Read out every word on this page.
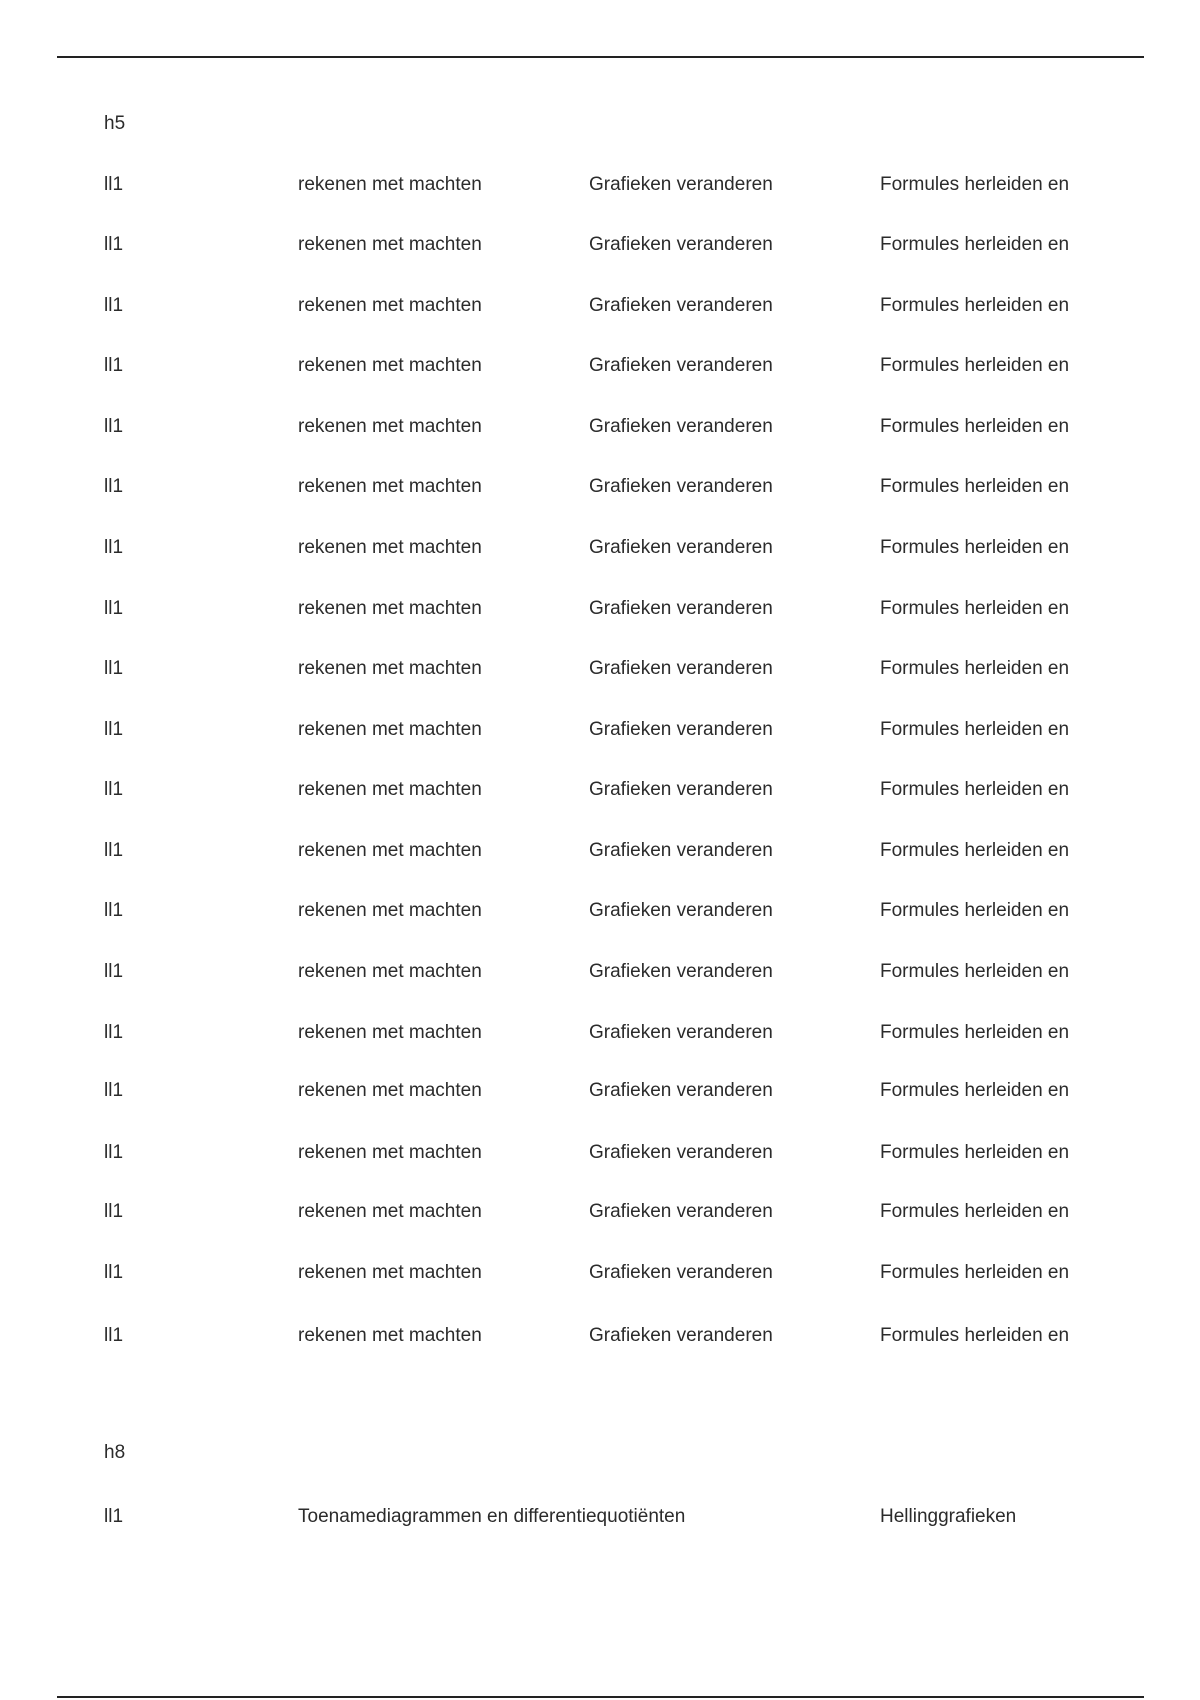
h5
ll1	rekenen met machten	Grafieken veranderen	Formules herleiden en
ll1	rekenen met machten	Grafieken veranderen	Formules herleiden en
ll1	rekenen met machten	Grafieken veranderen	Formules herleiden en
ll1	rekenen met machten	Grafieken veranderen	Formules herleiden en
ll1	rekenen met machten	Grafieken veranderen	Formules herleiden en
ll1	rekenen met machten	Grafieken veranderen	Formules herleiden en
ll1	rekenen met machten	Grafieken veranderen	Formules herleiden en
ll1	rekenen met machten	Grafieken veranderen	Formules herleiden en
ll1	rekenen met machten	Grafieken veranderen	Formules herleiden en
ll1	rekenen met machten	Grafieken veranderen	Formules herleiden en
ll1	rekenen met machten	Grafieken veranderen	Formules herleiden en
ll1	rekenen met machten	Grafieken veranderen	Formules herleiden en
ll1	rekenen met machten	Grafieken veranderen	Formules herleiden en
ll1	rekenen met machten	Grafieken veranderen	Formules herleiden en
ll1	rekenen met machten	Grafieken veranderen	Formules herleiden en
ll1	rekenen met machten	Grafieken veranderen	Formules herleiden en
ll1	rekenen met machten	Grafieken veranderen	Formules herleiden en
ll1	rekenen met machten	Grafieken veranderen	Formules herleiden en
ll1	rekenen met machten	Grafieken veranderen	Formules herleiden en
ll1	rekenen met machten	Grafieken veranderen	Formules herleiden en
h8
ll1	Toenamediagrammen en differentiequotiënten	Hellinggrafieken
